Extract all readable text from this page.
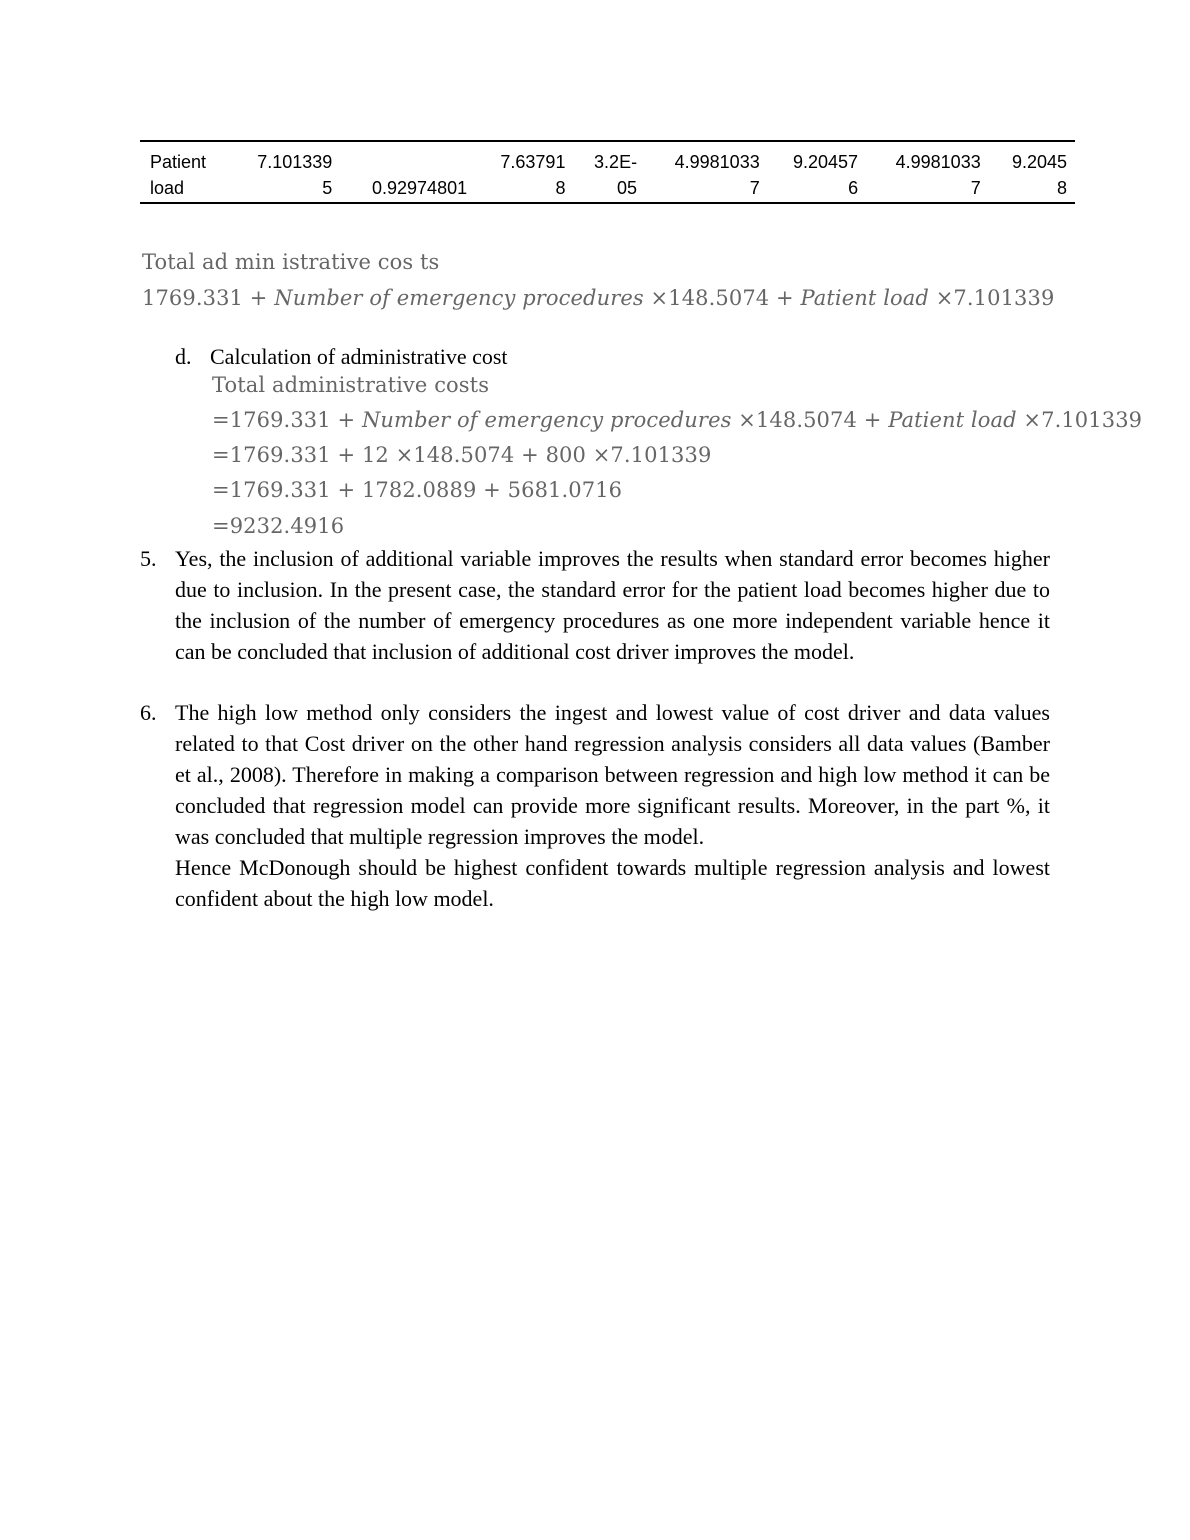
Patient	7.101339		7.63791	3.2E-	4.9981033	9.20457	4.9981033	9.2045
load	5	0.92974801	8	05	7	6	7	8
Total ad min istrative cos ts
1769.331 + Number of emergency procedures ×148.5074 + Patient load ×7.101339
d. Calculation of administrative cost
Total administrative costs
=1769.331 + Number of emergency procedures ×148.5074 + Patient load ×7.101339
=1769.331 + 12 ×148.5074 + 800 ×7.101339
=1769.331 + 1782.0889 + 5681.0716
=9232.4916
5. Yes, the inclusion of additional variable improves the results when standard error becomes higher due to inclusion. In the present case, the standard error for the patient load becomes higher due to the inclusion of the number of emergency procedures as one more independent variable hence it can be concluded that inclusion of additional cost driver improves the model.
6. The high low method only considers the ingest and lowest value of cost driver and data values related to that Cost driver on the other hand regression analysis considers all data values (Bamber et al., 2008). Therefore in making a comparison between regression and high low method it can be concluded that regression model can provide more significant results. Moreover, in the part %, it was concluded that multiple regression improves the model.

Hence McDonough should be highest confident towards multiple regression analysis and lowest confident about the high low model.
